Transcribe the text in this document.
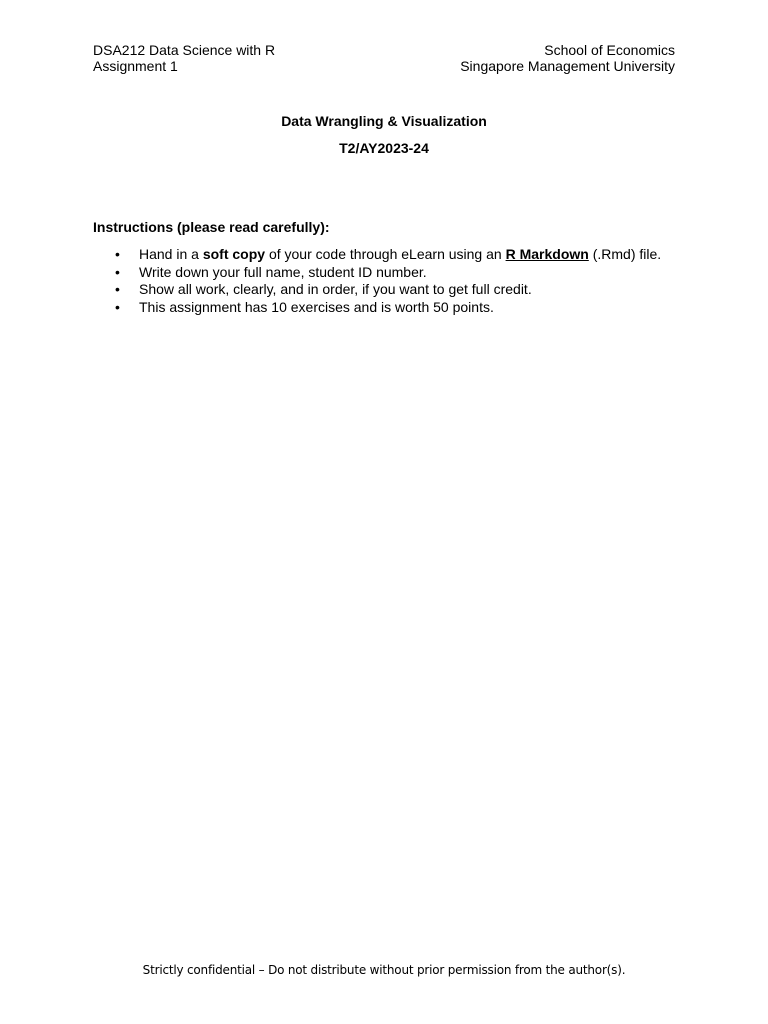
DSA212 Data Science with R
Assignment 1
School of Economics
Singapore Management University
Data Wrangling & Visualization
T2/AY2023-24
Instructions (please read carefully):
• Hand in a soft copy of your code through eLearn using an R Markdown (.Rmd) file.
• Write down your full name, student ID number.
• Show all work, clearly, and in order, if you want to get full credit.
• This assignment has 10 exercises and is worth 50 points.
Strictly confidential – Do not distribute without prior permission from the author(s).
